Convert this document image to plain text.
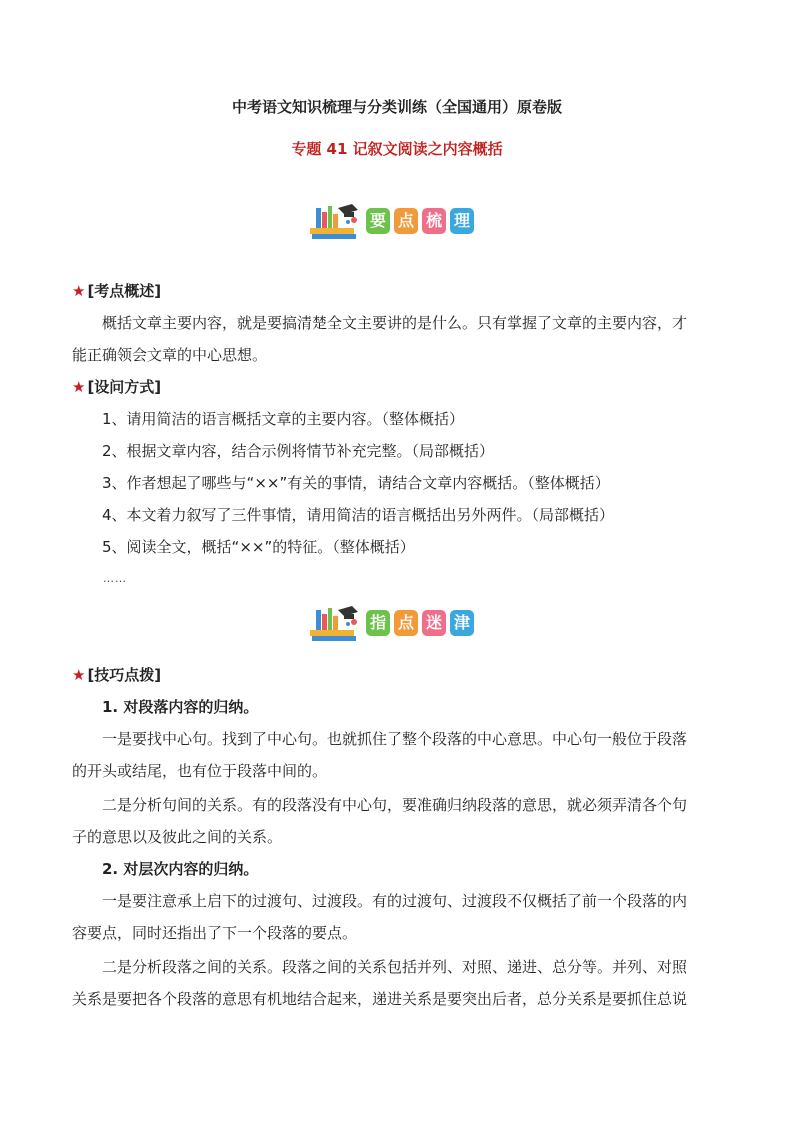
中考语文知识梳理与分类训练（全国通用）原卷版
专题 41 记叙文阅读之内容概括
要 点 梳 理
★ [考点概述]
概括文章主要内容，就是要搞清楚全文主要讲的是什么。只有掌握了文章的主要内容，才
能正确领会文章的中心思想。
★ [设问方式]
1、请用简洁的语言概括文章的主要内容。（整体概括）
2、根据文章内容，结合示例将情节补充完整。（局部概括）
3、作者想起了哪些与“××”有关的事情，请结合文章内容概括。（整体概括）
4、本文着力叙写了三件事情，请用简洁的语言概括出另外两件。（局部概括）
5、阅读全文，概括“××”的特征。（整体概括）
……
指 点 迷 津
★ [技巧点拨]
1. 对段落内容的归纳。
一是要找中心句。找到了中心句。也就抓住了整个段落的中心意思。中心句一般位于段落
的开头或结尾，也有位于段落中间的。
二是分析句间的关系。有的段落没有中心句，要准确归纳段落的意思，就必须弄清各个句
子的意思以及彼此之间的关系。
2. 对层次内容的归纳。
一是要注意承上启下的过渡句、过渡段。有的过渡句、过渡段不仅概括了前一个段落的内
容要点，同时还指出了下一个段落的要点。
二是分析段落之间的关系。段落之间的关系包括并列、对照、递进、总分等。并列、对照
关系是要把各个段落的意思有机地结合起来，递进关系是要突出后者，总分关系是要抓住总说
